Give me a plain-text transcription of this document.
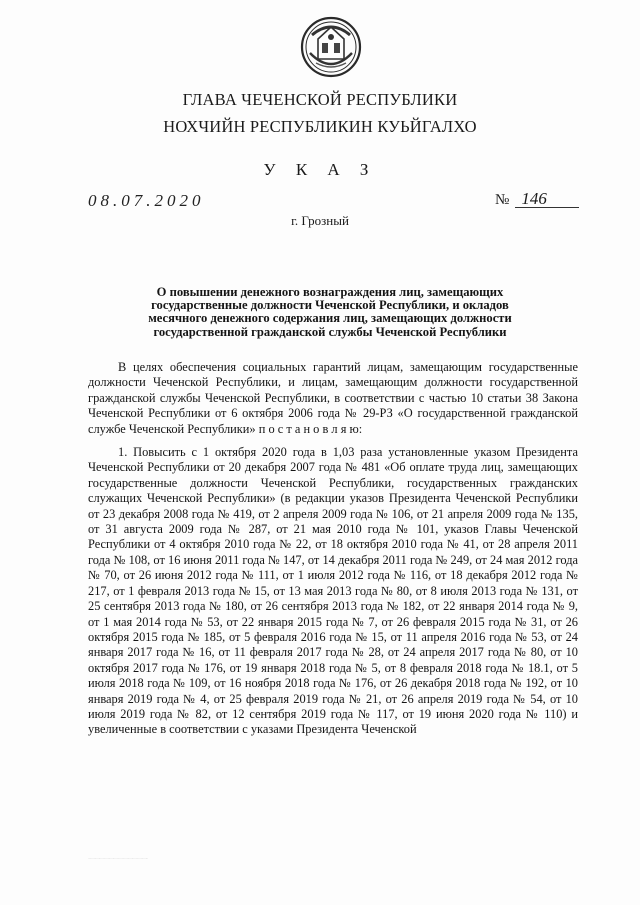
ГЛАВА ЧЕЧЕНСКОЙ РЕСПУБЛИКИ
НОХЧИЙН РЕСПУБЛИКИН КУЬЙГАЛХО
У К А З
08.07.2020	№ 146
г. Грозный
О повышении денежного вознаграждения лиц, замещающих
государственные должности Чеченской Республики, и окладов
месячного денежного содержания лиц, замещающих должности
государственной гражданской службы Чеченской Республики

В целях обеспечения социальных гарантий лицам, замещающим государственные должности Чеченской Республики, и лицам, замещающим должности государственной гражданской службы Чеченской Республики, в соответствии с частью 10 статьи 38 Закона Чеченской Республики от 6 октября 2006 года № 29-РЗ «О государственной гражданской службе Чеченской Республики» п о с т а н о в л я ю:

1. Повысить с 1 октября 2020 года в 1,03 раза установленные указом Президента Чеченской Республики от 20 декабря 2007 года № 481 «Об оплате труда лиц, замещающих государственные должности Чеченской Республики, государственных гражданских служащих Чеченской Республики» (в редакции указов Президента Чеченской Республики от 23 декабря 2008 года № 419, от 2 апреля 2009 года № 106, от 21 апреля 2009 года № 135, от 31 августа 2009 года № 287, от 21 мая 2010 года № 101, указов Главы Чеченской Республики от 4 октября 2010 года № 22, от 18 октября 2010 года № 41, от 28 апреля 2011 года № 108, от 16 июня 2011 года № 147, от 14 декабря 2011 года № 249, от 24 мая 2012 года № 70, от 26 июня 2012 года № 111, от 1 июля 2012 года № 116, от 18 декабря 2012 года № 217, от 1 февраля 2013 года № 15, от 13 мая 2013 года № 80, от 8 июля 2013 года № 131, от 25 сентября 2013 года № 180, от 26 сентября 2013 года № 182, от 22 января 2014 года № 9, от 1 мая 2014 года № 53, от 22 января 2015 года № 7, от 26 февраля 2015 года № 31, от 26 октября 2015 года № 185, от 5 февраля 2016 года № 15, от 11 апреля 2016 года № 53, от 24 января 2017 года № 16, от 11 февраля 2017 года № 28, от 24 апреля 2017 года № 80, от 10 октября 2017 года № 176, от 19 января 2018 года № 5, от 8 февраля 2018 года № 18.1, от 5 июля 2018 года № 109, от 16 ноября 2018 года № 176, от 26 декабря 2018 года № 192, от 10 января 2019 года № 4, от 25 февраля 2019 года № 21, от 26 апреля 2019 года № 54, от 10 июля 2019 года № 82, от 12 сентября 2019 года № 117, от 19 июня 2020 года № 110) и увеличенные в соответствии с указами Президента Чеченской

·········································································
